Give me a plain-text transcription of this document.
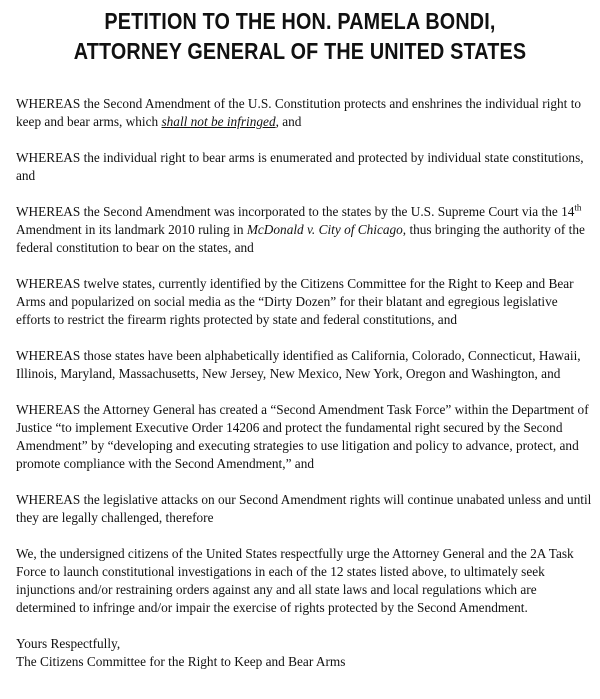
PETITION TO THE HON. PAMELA BONDI,
ATTORNEY GENERAL OF THE UNITED STATES

WHEREAS the Second Amendment of the U.S. Constitution protects and enshrines the individual right to keep and bear arms, which shall not be infringed, and

WHEREAS the individual right to bear arms is enumerated and protected by individual state constitutions, and

WHEREAS the Second Amendment was incorporated to the states by the U.S. Supreme Court via the 14th Amendment in its landmark 2010 ruling in McDonald v. City of Chicago, thus bringing the authority of the federal constitution to bear on the states, and

WHEREAS twelve states, currently identified by the Citizens Committee for the Right to Keep and Bear Arms and popularized on social media as the “Dirty Dozen” for their blatant and egregious legislative efforts to restrict the firearm rights protected by state and federal constitutions, and

WHEREAS those states have been alphabetically identified as California, Colorado, Connecticut, Hawaii, Illinois, Maryland, Massachusetts, New Jersey, New Mexico, New York, Oregon and Washington, and

WHEREAS the Attorney General has created a “Second Amendment Task Force” within the Department of Justice “to implement Executive Order 14206 and protect the fundamental right secured by the Second Amendment” by “developing and executing strategies to use litigation and policy to advance, protect, and promote compliance with the Second Amendment,” and

WHEREAS the legislative attacks on our Second Amendment rights will continue unabated unless and until they are legally challenged, therefore

We, the undersigned citizens of the United States respectfully urge the Attorney General and the 2A Task Force to launch constitutional investigations in each of the 12 states listed above, to ultimately seek injunctions and/or restraining orders against any and all state laws and local regulations which are determined to infringe and/or impair the exercise of rights protected by the Second Amendment.

Yours Respectfully,
The Citizens Committee for the Right to Keep and Bear Arms
